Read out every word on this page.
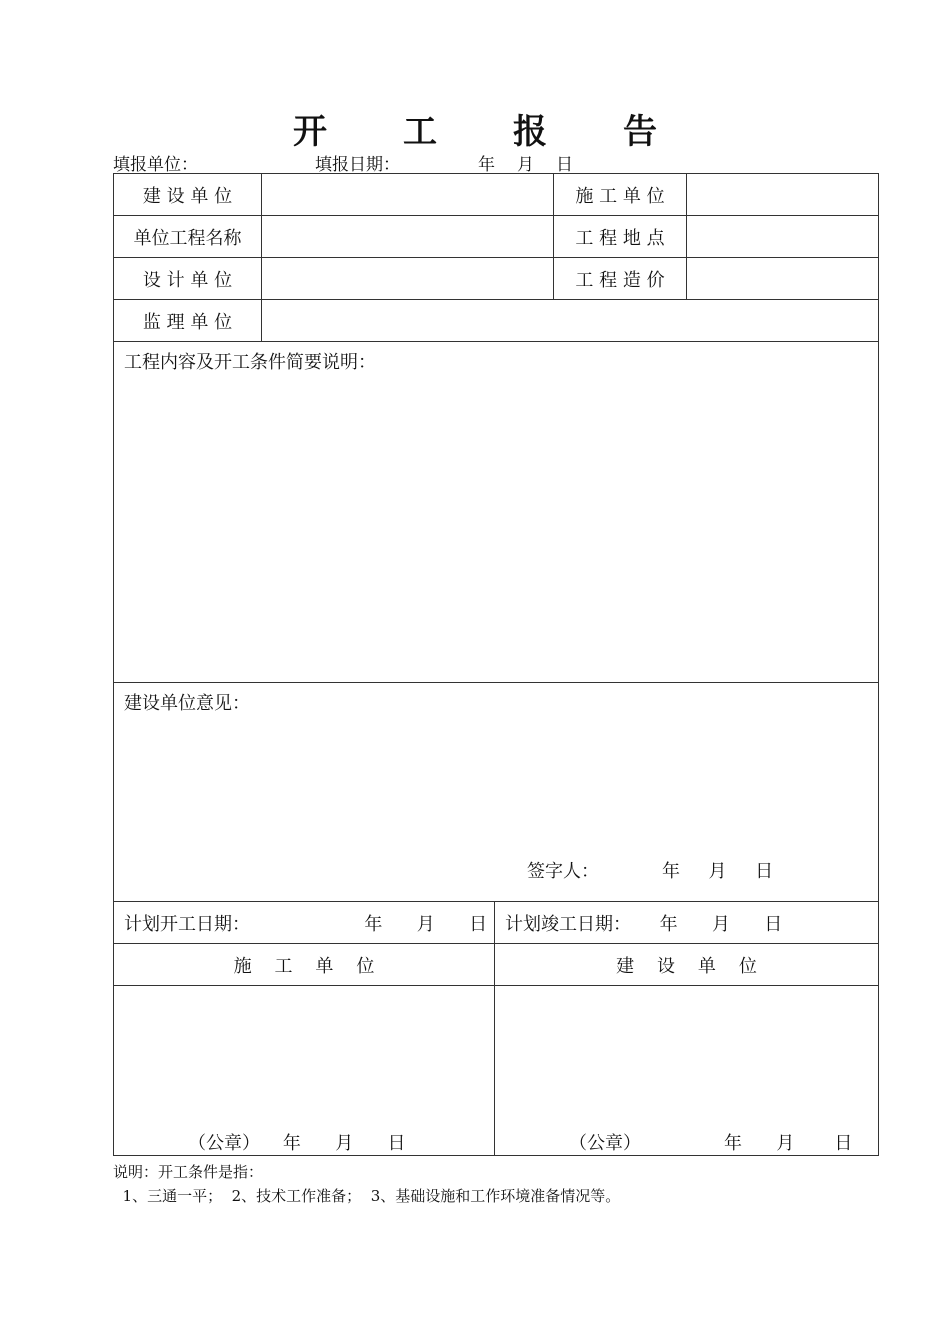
开 工 报 告
填报单位：	填报日期：	年 月 日
建 设 单 位			施 工 单 位	
单位工程名称			工 程 地 点	
设 计 单 位			工 程 造 价	
监 理 单 位				

工程内容及开工条件简要说明：				

建设单位意见：
签字人：           年     月     日				

计划开工日期：                    年      月      日		计划竣工日期：     年      月      日		
施    工    单    位		建    设    单    位		

（公章）    年      月      日		（公章） 年      月       日		
说明：开工条件是指：
1、三通一平；  2、技术工作准备；  3、基础设施和工作环境准备情况等。
